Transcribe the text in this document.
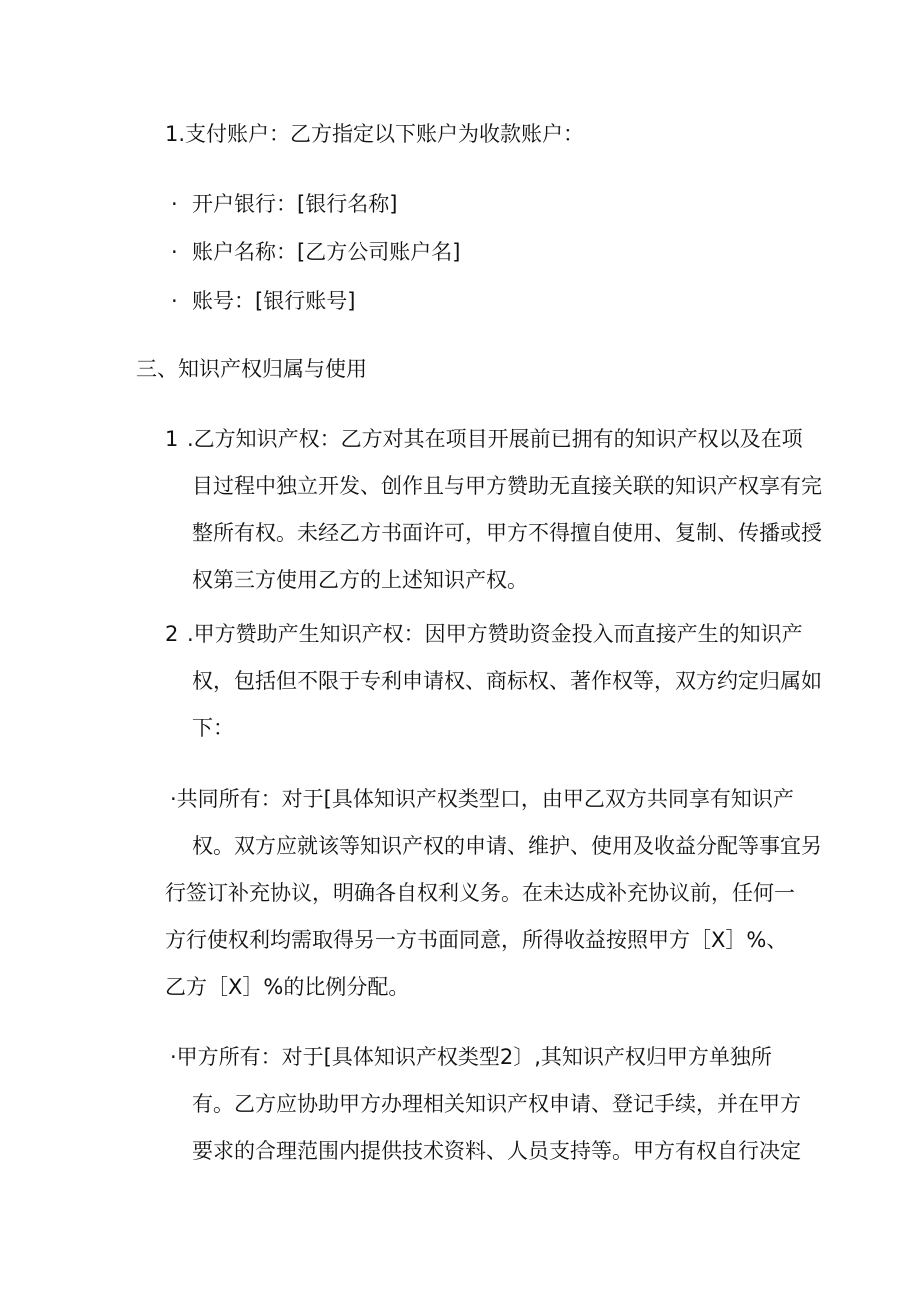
1.支付账户：乙方指定以下账户为收款账户：
· 开户银行：[银行名称]
· 账户名称：[乙方公司账户名]
· 账号：[银行账号]
三、知识产权归属与使用
1 .乙方知识产权：乙方对其在项目开展前已拥有的知识产权以及在项
目过程中独立开发、创作且与甲方赞助无直接关联的知识产权享有完
整所有权。未经乙方书面许可，甲方不得擅自使用、复制、传播或授
权第三方使用乙方的上述知识产权。
2 .甲方赞助产生知识产权：因甲方赞助资金投入而直接产生的知识产
权，包括但不限于专利申请权、商标权、著作权等，双方约定归属如
下：
·共同所有：对于[具体知识产权类型口，由甲乙双方共同享有知识产
权。双方应就该等知识产权的申请、维护、使用及收益分配等事宜另
行签订补充协议，明确各自权利义务。在未达成补充协议前，任何一
方行使权利均需取得另一方书面同意，所得收益按照甲方［X］%、
乙方［X］%的比例分配。
·甲方所有：对于[具体知识产权类型2〕,其知识产权归甲方单独所
有。乙方应协助甲方办理相关知识产权申请、登记手续，并在甲方
要求的合理范围内提供技术资料、人员支持等。甲方有权自行决定
